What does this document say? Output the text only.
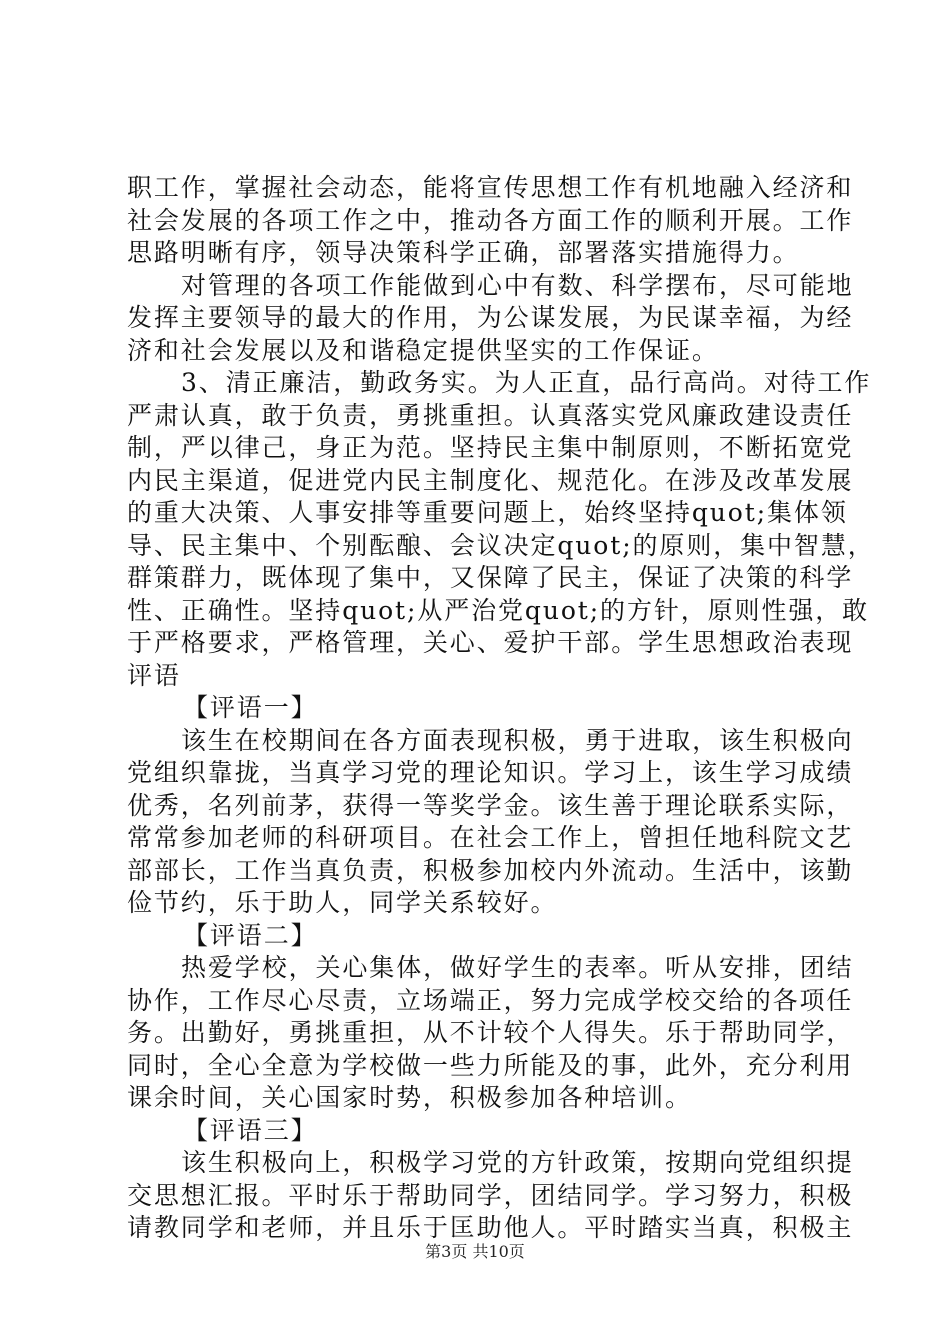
职工作，掌握社会动态，能将宣传思想工作有机地融入经济和
社会发展的各项工作之中，推动各方面工作的顺利开展。工作
思路明晰有序，领导决策科学正确，部署落实措施得力。
对管理的各项工作能做到心中有数、科学摆布，尽可能地
发挥主要领导的最大的作用，为公谋发展，为民谋幸福，为经
济和社会发展以及和谐稳定提供坚实的工作保证。
3、清正廉洁，勤政务实。为人正直，品行高尚。对待工作
严肃认真，敢于负责，勇挑重担。认真落实党风廉政建设责任
制，严以律己，身正为范。坚持民主集中制原则，不断拓宽党
内民主渠道，促进党内民主制度化、规范化。在涉及改革发展
的重大决策、人事安排等重要问题上，始终坚持quot;集体领
导、民主集中、个别酝酿、会议决定quot;的原则，集中智慧，
群策群力，既体现了集中，又保障了民主，保证了决策的科学
性、正确性。坚持quot;从严治党quot;的方针，原则性强，敢
于严格要求，严格管理，关心、爱护干部。学生思想政治表现
评语
【评语一】
该生在校期间在各方面表现积极，勇于进取，该生积极向
党组织靠拢，当真学习党的理论知识。学习上，该生学习成绩
优秀，名列前茅，获得一等奖学金。该生善于理论联系实际，
常常参加老师的科研项目。在社会工作上，曾担任地科院文艺
部部长，工作当真负责，积极参加校内外流动。生活中，该勤
俭节约，乐于助人，同学关系较好。
【评语二】
热爱学校，关心集体，做好学生的表率。听从安排，团结
协作，工作尽心尽责，立场端正，努力完成学校交给的各项任
务。出勤好，勇挑重担，从不计较个人得失。乐于帮助同学，
同时，全心全意为学校做一些力所能及的事，此外，充分利用
课余时间，关心国家时势，积极参加各种培训。
【评语三】
该生积极向上，积极学习党的方针政策，按期向党组织提
交思想汇报。平时乐于帮助同学，团结同学。学习努力，积极
请教同学和老师，并且乐于匡助他人。平时踏实当真，积极主
第3页 共10页
